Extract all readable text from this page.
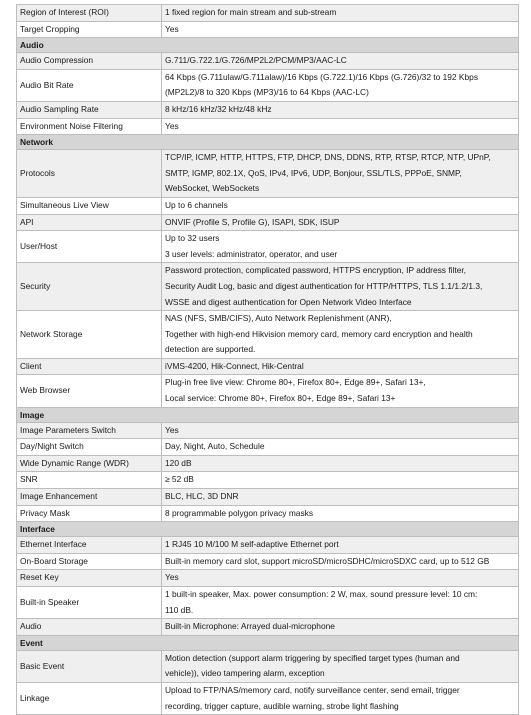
Region of Interest (ROI)	1 fixed region for main stream and sub-stream

Target Cropping	Yes

Audio	
Audio Compression	G.711/G.722.1/G.726/MP2L2/PCM/MP3/AAC-LC

Audio Bit Rate	64 Kbps (G.711ulaw/G.711alaw)/16 Kbps (G.722.1)/16 Kbps (G.726)/32 to 192 Kbps
(MP2L2)/8 to 320 Kbps (MP3)/16 to 64 Kbps (AAC-LC)

Audio Sampling Rate	8 kHz/16 kHz/32 kHz/48 kHz

Environment Noise Filtering	Yes

Network	
Protocols	TCP/IP, ICMP, HTTP, HTTPS, FTP, DHCP, DNS, DDNS, RTP, RTSP, RTCP, NTP, UPnP,
SMTP, IGMP, 802.1X, QoS, IPv4, IPv6, UDP, Bonjour, SSL/TLS, PPPoE, SNMP,
WebSocket, WebSockets

Simultaneous Live View	Up to 6 channels

API	ONVIF (Profile S, Profile G), ISAPI, SDK, ISUP

User/Host	Up to 32 users
3 user levels: administrator, operator, and user

Security	Password protection, complicated password, HTTPS encryption, IP address filter,
Security Audit Log, basic and digest authentication for HTTP/HTTPS, TLS 1.1/1.2/1.3,
WSSE and digest authentication for Open Network Video Interface

Network Storage	NAS (NFS, SMB/CIFS), Auto Network Replenishment (ANR),
Together with high-end Hikvision memory card, memory card encryption and health
detection are supported.

Client	iVMS-4200, Hik-Connect, Hik-Central

Web Browser	Plug-in free live view: Chrome 80+, Firefox 80+, Edge 89+, Safari 13+,
Local service: Chrome 80+, Firefox 80+, Edge 89+, Safari 13+

Image	
Image Parameters Switch	Yes

Day/Night Switch	Day, Night, Auto, Schedule

Wide Dynamic Range (WDR)	120 dB

SNR	≥ 52 dB

Image Enhancement	BLC, HLC, 3D DNR

Privacy Mask	8 programmable polygon privacy masks

Interface	
Ethernet Interface	1 RJ45 10 M/100 M self-adaptive Ethernet port

On-Board Storage	Built-in memory card slot, support microSD/microSDHC/microSDXC card, up to 512 GB

Reset Key	Yes

Built-in Speaker	1 built-in speaker, Max. power consumption: 2 W, max. sound pressure level: 10 cm:
110 dB.

Audio	Built-in Microphone: Arrayed dual-microphone

Event	
Basic Event	Motion detection (support alarm triggering by specified target types (human and
vehicle)), video tampering alarm, exception

Linkage	Upload to FTP/NAS/memory card, notify surveillance center, send email, trigger
recording, trigger capture, audible warning, strobe light flashing
